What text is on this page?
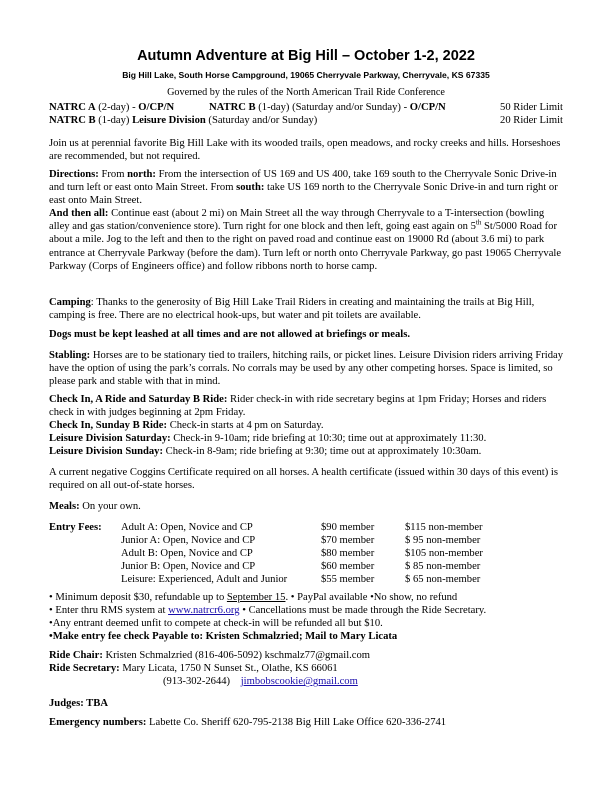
Autumn Adventure at Big Hill – October 1-2, 2022
Big Hill Lake, South Horse Campground, 19065 Cherryvale Parkway, Cherryvale, KS 67335
Governed by the rules of the North American Trail Ride Conference
NATRC A (2-day) - O/CP/N	NATRC B (1-day) (Saturday and/or Sunday) - O/CP/N	50 Rider Limit
NATRC B (1-day) Leisure Division (Saturday and/or Sunday)	20 Rider Limit

Join us at perennial favorite Big Hill Lake with its wooded trails, open meadows, and rocky creeks and hills. Horseshoes are recommended, but not required.

Directions: From north: From the intersection of US 169 and US 400, take 169 south to the Cherryvale Sonic Drive-in and turn left or east onto Main Street. From south: take US 169 north to the Cherryvale Sonic Drive-in and turn right or east onto Main Street.

And then all: Continue east (about 2 mi) on Main Street all the way through Cherryvale to a T-intersection (bowling alley and gas station/convenience store). Turn right for one block and then left, going east again on 5th St/5000 Road for about a mile. Jog to the left and then to the right on paved road and continue east on 19000 Rd (about 3.6 mi) to park entrance at Cherryvale Parkway (before the dam). Turn left or north onto Cherryvale Parkway, go past 19065 Cherryvale Parkway (Corps of Engineers office) and follow ribbons north to horse camp.

Camping: Thanks to the generosity of Big Hill Lake Trail Riders in creating and maintaining the trails at Big Hill, camping is free. There are no electrical hook-ups, but water and pit toilets are available.

Dogs must be kept leashed at all times and are not allowed at briefings or meals.

Stabling: Horses are to be stationary tied to trailers, hitching rails, or picket lines. Leisure Division riders arriving Friday have the option of using the park’s corrals. No corrals may be used by any other competing horses. Space is limited, so please park and stable with that in mind.

Check In, A Ride and Saturday B Ride: Rider check-in with ride secretary begins at 1pm Friday; Horses and riders check in with judges beginning at 2pm Friday.

Check In, Sunday B Ride: Check-in starts at 4 pm on Saturday.

Leisure Division Saturday: Check-in 9-10am; ride briefing at 10:30; time out at approximately 11:30.

Leisure Division Sunday: Check-in 8-9am; ride briefing at 9:30; time out at approximately 10:30am.

A current negative Coggins Certificate required on all horses. A health certificate (issued within 30 days of this event) is required on all out-of-state horses.

Meals: On your own.

Entry Fees: Adult A: Open, Novice and CP	$90 member	$115 non-member
Junior A: Open, Novice and CP	$70 member	$ 95 non-member
Adult B: Open, Novice and CP	$80 member	$105 non-member
Junior B: Open, Novice and CP	$60 member	$ 85 non-member
Leisure: Experienced, Adult and Junior	$55 member	$ 65 non-member

• Minimum deposit $30, refundable up to September 15. • PayPal available •No show, no refund

• Enter thru RMS system at www.natrcr6.org • Cancellations must be made through the Ride Secretary.

•Any entrant deemed unfit to compete at check-in will be refunded all but $10.

•Make entry fee check Payable to: Kristen Schmalzried; Mail to Mary Licata

Ride Chair: Kristen Schmalzried (816-406-5092) kschmalz77@gmail.com

Ride Secretary: Mary Licata, 1750 N Sunset St., Olathe, KS 66061

(913-302-2644) jimbobscookie@gmail.com

Judges: TBA

Emergency numbers: Labette Co. Sheriff 620-795-2138 Big Hill Lake Office 620-336-2741
